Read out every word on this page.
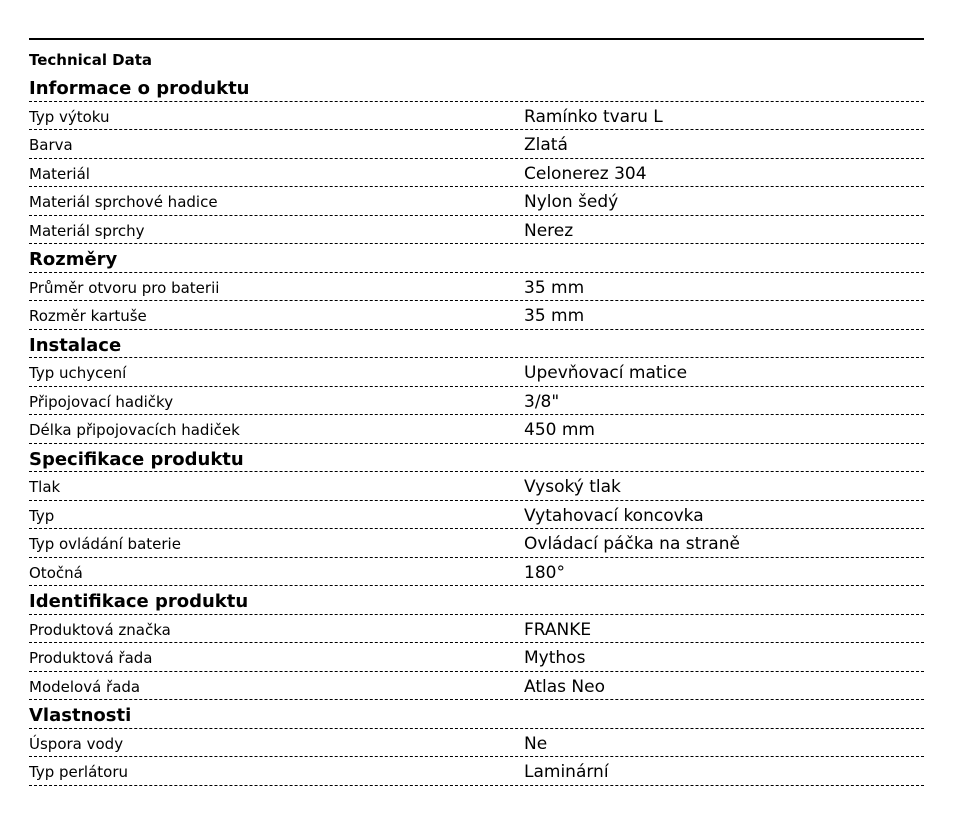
Technical Data
Informace o produktu
Typ výtoku	Ramínko tvaru L
Barva	Zlatá
Materiál	Celonerez 304
Materiál sprchové hadice	Nylon šedý
Materiál sprchy	Nerez
Rozměry
Průměr otvoru pro baterii	35 mm
Rozměr kartuše	35 mm
Instalace
Typ uchycení	Upevňovací matice
Připojovací hadičky	3/8"
Délka připojovacích hadiček	450 mm
Specifikace produktu
Tlak	Vysoký tlak
Typ	Vytahovací koncovka
Typ ovládání baterie	Ovládací páčka na straně
Otočná	180°
Identifikace produktu
Produktová značka	FRANKE
Produktová řada	Mythos
Modelová řada	Atlas Neo
Vlastnosti
Úspora vody	Ne
Typ perlátoru	Laminární
